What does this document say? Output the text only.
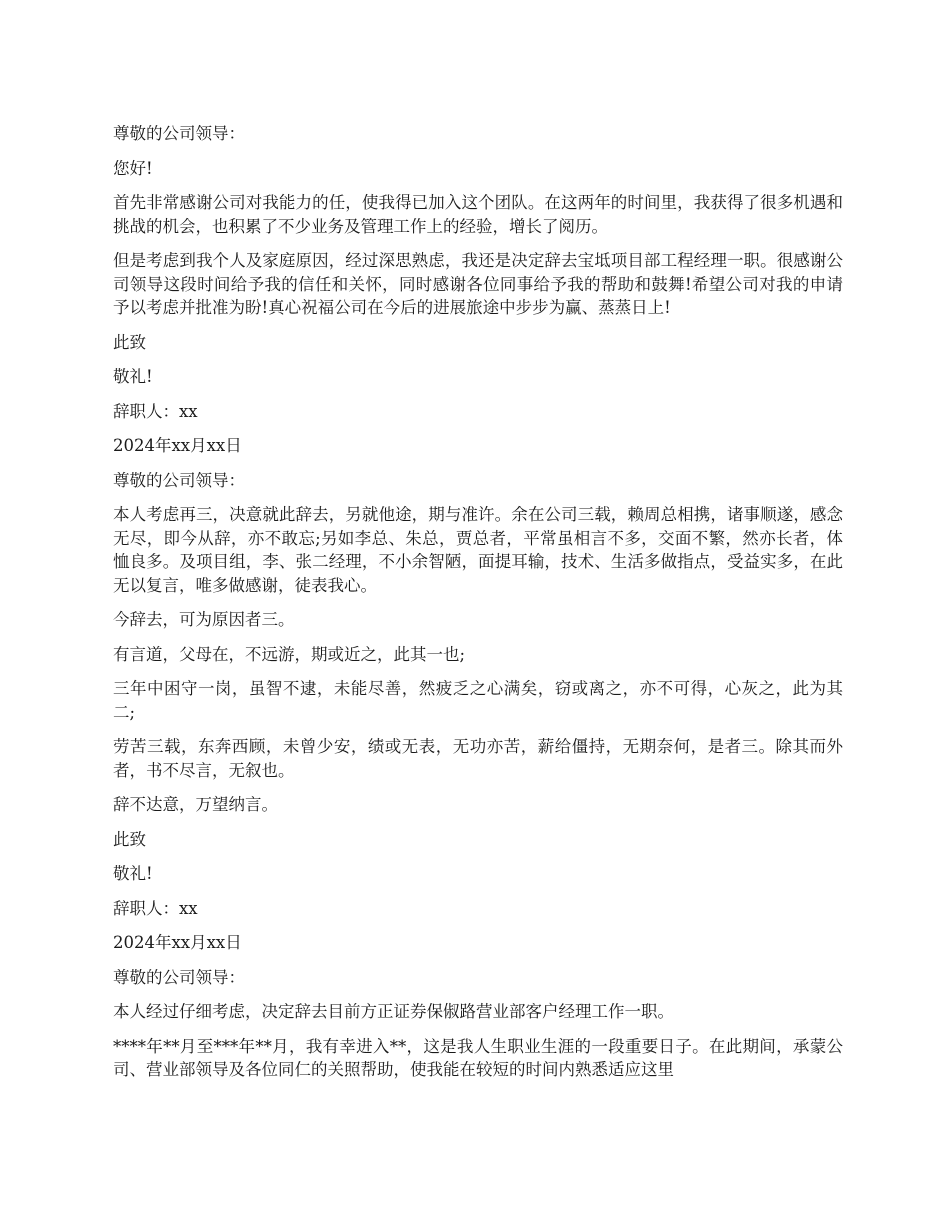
尊敬的公司领导：

您好!

首先非常感谢公司对我能力的任，使我得已加入这个团队。在这两年的时间里，我获得了很多机遇和挑战的机会，也积累了不少业务及管理工作上的经验，增长了阅历。

但是考虑到我个人及家庭原因，经过深思熟虑，我还是决定辞去宝坻项目部工程经理一职。很感谢公司领导这段时间给予我的信任和关怀，同时感谢各位同事给予我的帮助和鼓舞!希望公司对我的申请予以考虑并批准为盼!真心祝福公司在今后的进展旅途中步步为赢、蒸蒸日上!

此致

敬礼!

辞职人：xx

2024年xx月xx日

尊敬的公司领导：

本人考虑再三，决意就此辞去，另就他途，期与准许。余在公司三载，赖周总相携，诸事顺遂，感念无尽，即今从辞，亦不敢忘;另如李总、朱总，贾总者，平常虽相言不多，交面不繁，然亦长者，体恤良多。及项目组，李、张二经理，不小余智陋，面提耳输，技术、生活多做指点，受益实多，在此无以复言，唯多做感谢，徒表我心。

今辞去，可为原因者三。

有言道，父母在，不远游，期或近之，此其一也;

三年中困守一岗，虽智不逮，未能尽善，然疲乏之心满矣，窃或离之，亦不可得，心灰之，此为其二;

劳苦三载，东奔西顾，未曾少安，绩或无表，无功亦苦，薪给僵持，无期奈何，是者三。除其而外者，书不尽言，无叙也。

辞不达意，万望纳言。

此致

敬礼!

辞职人：xx

2024年xx月xx日

尊敬的公司领导：

本人经过仔细考虑，决定辞去目前方正证券保俶路营业部客户经理工作一职。

****年**月至***年**月，我有幸进入**，这是我人生职业生涯的一段重要日子。在此期间，承蒙公司、营业部领导及各位同仁的关照帮助，使我能在较短的时间内熟悉适应这里
